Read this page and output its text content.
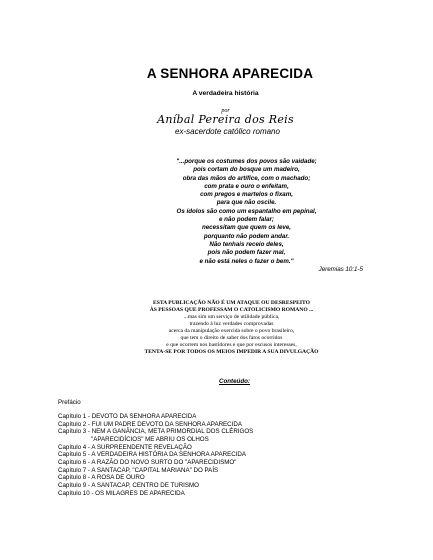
A SENHORA APARECIDA
A verdadeira história
por
Aníbal Pereira dos Reis
ex-sacerdote católico romano
"...porque os costumes dos povos são vaidade;
pois cortam do bosque um madeiro,
obra das mãos do artífice, com o machado;
com prata e ouro o enfeitam,
com pregos e martelos o fixam,
para que não oscile.
Os ídolos são como um espantalho em pepinal,
e não podem falar;
necessitam que quem os leve,
porquanto não podem andar.
Não tenhais receio deles,
pois não podem fazer mal,
e não está neles o fazer o bem."
Jeremias 10:1-5
ESTA PUBLICAÇÃO NÃO É UM ATAQUE OU DESRESPEITO
ÀS PESSOAS QUE PROFESSAM O CATOLICISMO ROMANO ...
...mas sim um serviço de utilidade pública,
trazendo à luz verdades comprovadas
acerca da manipulação exercida sobre o povo brasileiro,
que tem o direito de saber dos fatos ocorridos
e que ocorrem nos bastidores e que por escusos interesses,
TENTA-SE POR TODOS OS MEIOS IMPEDIR A SUA DIVULGAÇÃO
Conteúdo:
Prefácio
Capítulo 1 - DEVOTO DA SENHORA APARECIDA
Capítulo 2 - FUI UM PADRE DEVOTO DA SENHORA APARECIDA
Capítulo 3 - NEM A GANÂNCIA, META PRIMORDIAL DOS CLÉRIGOS
"APARECIDÍCIOS" ME ABRIU OS OLHOS
Capítulo 4 - A SURPREENDENTE REVELAÇÃO
Capítulo 5 - A VERDADEIRA HISTÓRIA DA SENHORA APARECIDA
Capítulo 6 - A RAZÃO DO NOVO SURTO DO "APARECIDISMO"
Capítulo 7 - A SANTACAP, "CAPITAL MARIANA" DO PAÍS
Capítulo 8 - A ROSA DE OURO
Capítulo 9 - A SANTACAP, CENTRO DE TURISMO
Capítulo 10 - OS MILAGRES DE APARECIDA
